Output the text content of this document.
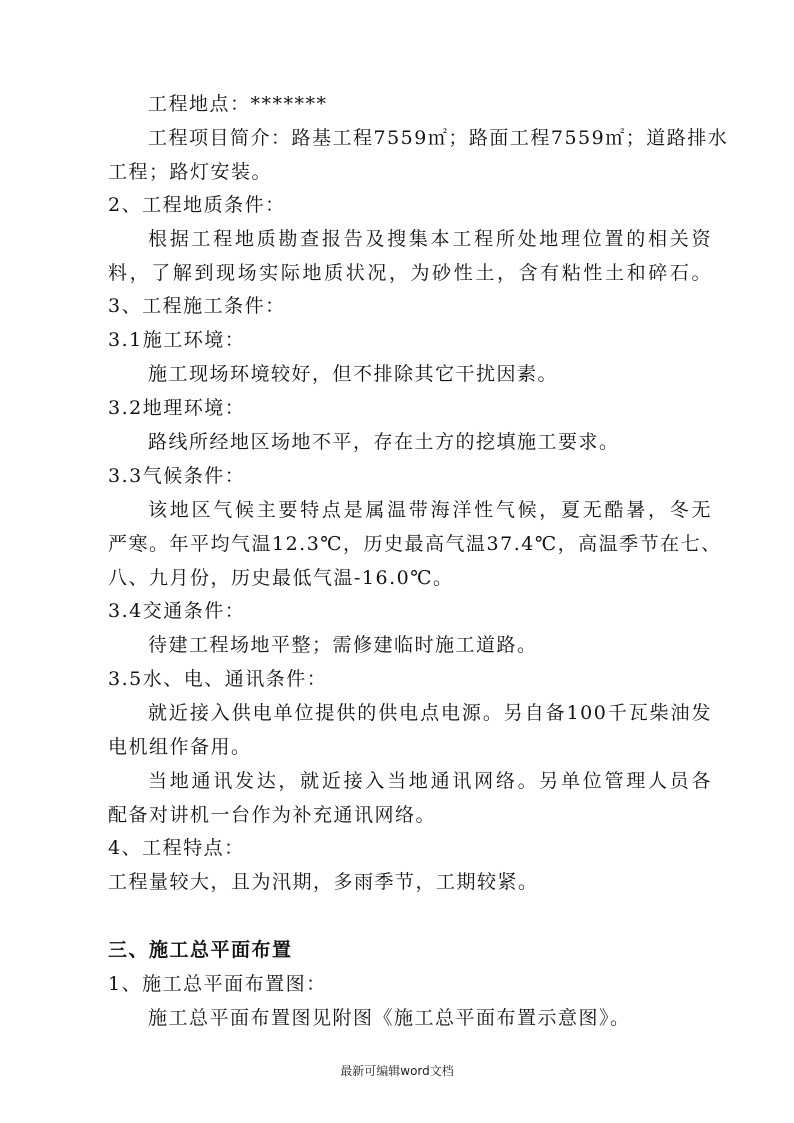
工程地点：*******
工程项目简介：路基工程7559㎡；路面工程7559㎡；道路排水
工程；路灯安装。
2、工程地质条件：
根据工程地质勘查报告及搜集本工程所处地理位置的相关资
料，了解到现场实际地质状况，为砂性土，含有粘性土和碎石。
3、工程施工条件：
3.1施工环境：
施工现场环境较好，但不排除其它干扰因素。
3.2地理环境：
路线所经地区场地不平，存在土方的挖填施工要求。
3.3气候条件：
该地区气候主要特点是属温带海洋性气候，夏无酷暑，冬无
严寒。年平均气温12.3℃，历史最高气温37.4℃，高温季节在七、
八、九月份，历史最低气温-16.0℃。
3.4交通条件：
待建工程场地平整；需修建临时施工道路。
3.5水、电、通讯条件：
就近接入供电单位提供的供电点电源。另自备100千瓦柴油发
电机组作备用。
当地通讯发达，就近接入当地通讯网络。另单位管理人员各
配备对讲机一台作为补充通讯网络。
4、工程特点：
工程量较大，且为汛期，多雨季节，工期较紧。
三、施工总平面布置
1、施工总平面布置图：
施工总平面布置图见附图《施工总平面布置示意图》。
最新可编辑word文档
